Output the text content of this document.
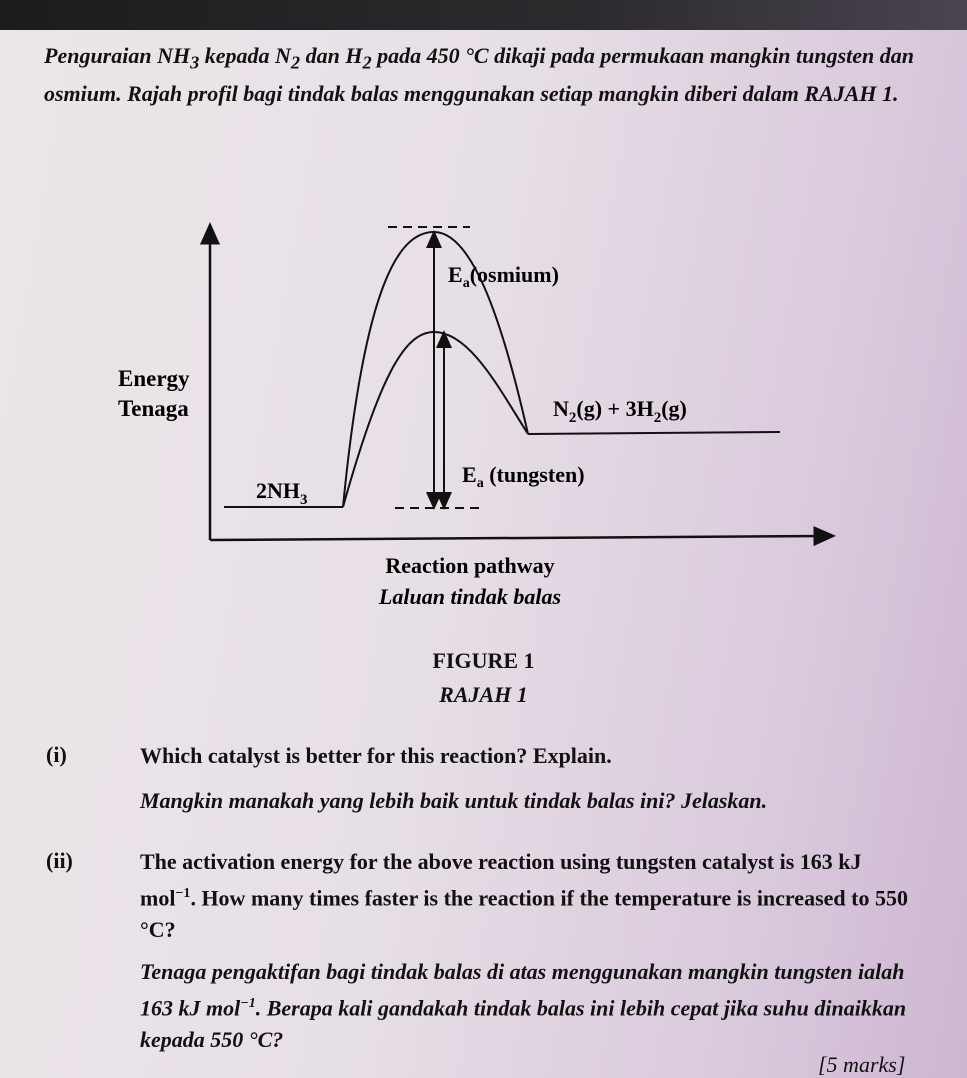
Penguraian $NH_3$ kepada $N_2$ dan $H_2$ pada 450 °C dikaji pada permukaan mangkin tungsten dan osmium. Rajah profil bagi tindak balas menggunakan setiap mangkin diberi dalam RAJAH 1.

Energy
Tenaga
$2NH_3$
$N_2(g) + 3H_2(g)$
$E_a(osmium)$
$E_a$ (tungsten)
Reaction pathway
Laluan tindak balas
FIGURE 1
RAJAH 1
(i)	Which catalyst is better for this reaction? Explain.

Mangkin manakah yang lebih baik untuk tindak balas ini? Jelaskan.

(ii)	The activation energy for the above reaction using tungsten catalyst is 163 kJ mol$^{-1}$. How many times faster is the reaction if the temperature is increased to 550 °C?

Tenaga pengaktifan bagi tindak balas di atas menggunakan mangkin tungsten ialah 163 kJ mol$^{-1}$. Berapa kali gandakah tindak balas ini lebih cepat jika suhu dinaikkan kepada 550 °C?

[5 marks]
